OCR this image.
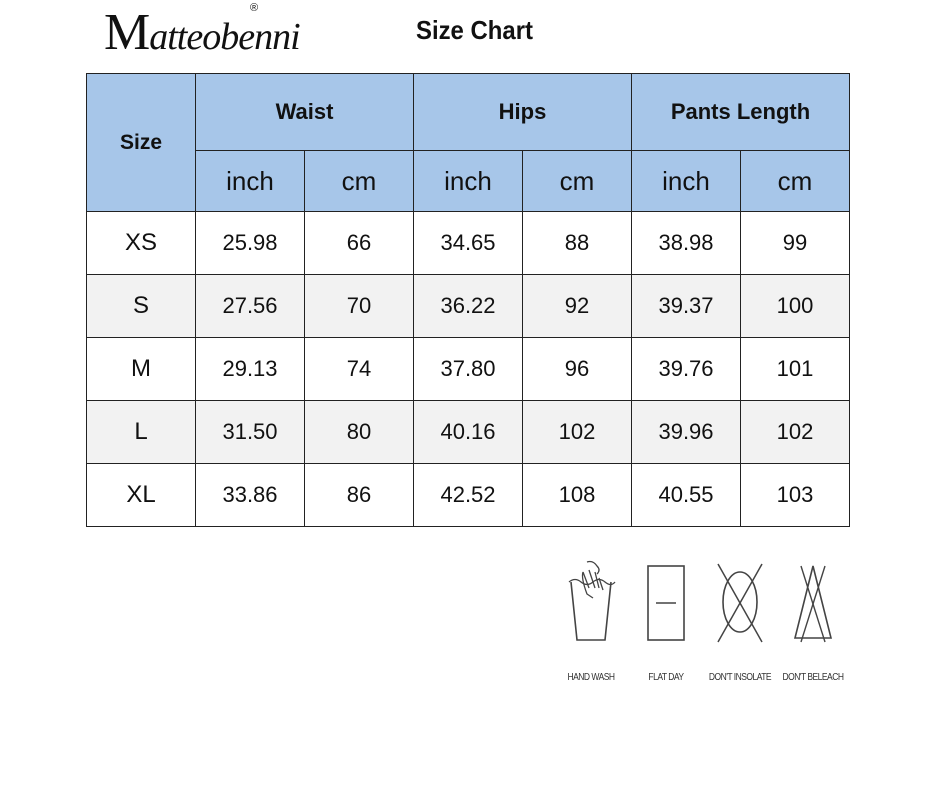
Matteobenni
®
Size Chart
Size	Waist		Hips		Pants Length	
	inch	cm	inch	cm	inch	cm
XS	25.98	66	34.65	88	38.98	99
S	27.56	70	36.22	92	39.37	100
M	29.13	74	37.80	96	39.76	101
L	31.50	80	40.16	102	39.96	102
XL	33.86	86	42.52	108	40.55	103
HAND WASH	FLAT DAY	DON'T INSOLATE	DON'T BELEACH
